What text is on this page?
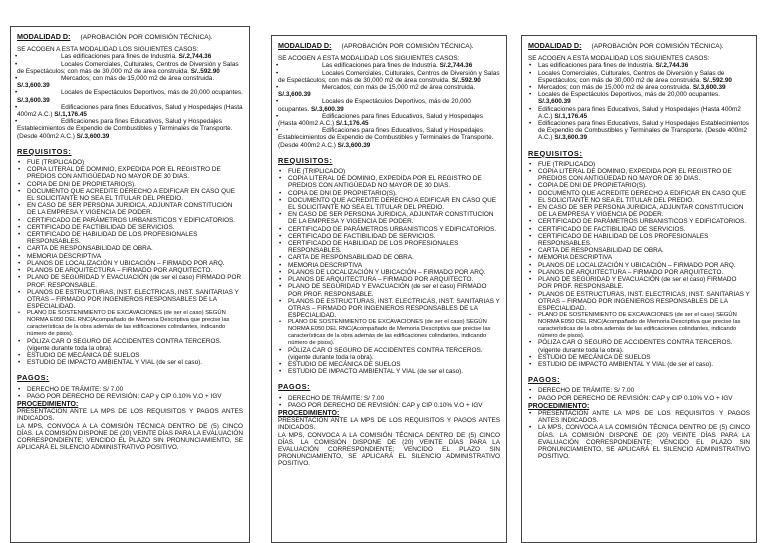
MODALIDAD D: (APROBACIÓN POR COMISIÓN TÉCNICA).

SE ACOGEN A ESTA MODALIDAD LOS SIGUIENTES CASOS:

• Las edificaciones para fines de Industria. S/.2,744.36
• Locales Comerciales, Culturales, Centros de Diversión y Salas de Espectáculos; con más de 30,000 m2 de área construida. S/..592.90
• Mercados; con más de 15,000 m2 de área construida. S/.3,600.39
• Locales de Espectáculos Deportivos, más de 20,000 ocupantes. S/.3,600.39
• Edificaciones para fines Educativos, Salud y Hospedajes (Hasta 400m2 A.C.) S/.1,176.45
• Edificaciones para fines Educativos, Salud y Hospedajes Establecimientos de Expendio de Combustibles y Terminales de Transporte. (Desde 400m2 A.C.) S/.3,600.39
REQUISITOS:
• FUE (TRIPLICADO)
• COPIA LITERAL DE DOMINIO, EXPEDIDA POR EL REGISTRO DE PREDIOS CON ANTIGÜEDAD NO MAYOR DE 30 DIAS.
• COPIA DE DNI DE PROPIETARIO(S).
• DOCUMENTO QUE ACREDITE DERECHO A EDIFICAR EN CASO QUE EL SOLICITANTE NO SEA EL TITULAR DEL PREDIO.
• EN CASO DE SER PERSONA JURIDICA, ADJUNTAR CONSTITUCION DE LA EMPRESA Y VIGENCIA DE PODER.
• CERTIFICADO DE PARÁMETROS URBANISTICOS Y EDIFICATORIOS.
• CERTIFICADO DE FACTIBILIDAD DE SERVICIOS.
• CERTIFICADO DE HABILIDAD DE LOS PROFESIONALES RESPONSABLES.
• CARTA DE RESPONSABILIDAD DE OBRA.
• MEMORIA DESCRIPTIVA
• PLANOS DE LOCALIZACIÓN Y UBICACIÓN – FIRMADO POR ARQ.
• PLANOS DE ARQUITECTURA – FIRMADO POR ARQUITECTO.
• PLANO DE SEGURIDAD Y EVACUACIÓN (de ser el caso) FIRMADO POR PROF. RESPONSABLE.
• PLANOS DE ESTRUCTURAS, INST. ELECTRICAS, INST. SANITARIAS Y OTRAS – FIRMADO POR INGENIEROS RESPONSABLES DE LA ESPECIALIDAD.
• PLANO DE SOSTENIMIENTO DE EXCAVACIONES (de ser el caso) SEGÚN NORMA E050 DEL RNC(Acompañado de Memoria Descriptiva que precise las características de la obra además de las edificaciones colindantes, indicando número de pisos).
• PÓLIZA CAR O SEGURO DE ACCIDENTES CONTRA TERCEROS. (vigente durante toda la obra).
• ESTUDIO DE MECÁNICA DE SUELOS
• ESTUDIO DE IMPACTO AMBIENTAL Y VIAL (de ser el caso).
PAGOS:
• DERECHO DE TRÁMITE: S/ 7.00
• PAGO POR DERECHO DE REVISIÓN: CAP y CIP 0.10% V.O + IGV
PROCEDIMIENTO:

PRESENTACIÓN ANTE LA MPS DE LOS REQUISITOS Y PAGOS ANTES INDICADOS.

LA MPS, CONVOCA A LA COMISIÓN TÉCNICA DENTRO DE (5) CINCO DÍAS. LA COMISIÓN DISPONE DE (20) VEINTE DÍAS PARA LA EVALUACIÓN CORRESPONDIENTE; VENCIDO EL PLAZO SIN PRONUNCIAMIENTO, SE APLICARÁ EL SILENCIO ADMINISTRATIVO POSITIVO.

MODALIDAD D: (APROBACIÓN POR COMISIÓN TÉCNICA).

SE ACOGEN A ESTA MODALIDAD LOS SIGUIENTES CASOS:

• Las edificaciones para fines de Industria. S/.2,744.36
• Locales Comerciales, Culturales, Centros de Diversión y Salas de Espectáculos; con más de 30,000 m2 de área construida. S/..592.90
• Mercados; con más de 15,000 m2 de área construida. S/.3,600.39
• Locales de Espectáculos Deportivos, más de 20,000 ocupantes. S/.3,600.39
• Edificaciones para fines Educativos, Salud y Hospedajes (Hasta 400m2 A.C.) S/.1,176.45
• Edificaciones para fines Educativos, Salud y Hospedajes Establecimientos de Expendio de Combustibles y Terminales de Transporte. (Desde 400m2 A.C.) S/.3,600.39
REQUISITOS:
• FUE (TRIPLICADO)
• COPIA LITERAL DE DOMINIO, EXPEDIDA POR EL REGISTRO DE PREDIOS CON ANTIGÜEDAD NO MAYOR DE 30 DIAS.
• COPIA DE DNI DE PROPIETARIO(S).
• DOCUMENTO QUE ACREDITE DERECHO A EDIFICAR EN CASO QUE EL SOLICITANTE NO SEA EL TITULAR DEL PREDIO.
• EN CASO DE SER PERSONA JURIDICA, ADJUNTAR CONSTITUCION DE LA EMPRESA Y VIGENCIA DE PODER.
• CERTIFICADO DE PARÁMETROS URBANISTICOS Y EDIFICATORIOS.
• CERTIFICADO DE FACTIBILIDAD DE SERVICIOS.
• CERTIFICADO DE HABILIDAD DE LOS PROFESIONALES RESPONSABLES.
• CARTA DE RESPONSABILIDAD DE OBRA.
• MEMORIA DESCRIPTIVA
• PLANOS DE LOCALIZACIÓN Y UBICACIÓN – FIRMADO POR ARQ.
• PLANOS DE ARQUITECTURA – FIRMADO POR ARQUITECTO.
• PLANO DE SEGURIDAD Y EVACUACIÓN (de ser el caso) FIRMADO POR PROF. RESPONSABLE.
• PLANOS DE ESTRUCTURAS, INST. ELECTRICAS, INST. SANITARIAS Y OTRAS – FIRMADO POR INGENIEROS RESPONSABLES DE LA ESPECIALIDAD.
• PLANO DE SOSTENIMIENTO DE EXCAVACIONES (de ser el caso) SEGÚN NORMA E050 DEL RNC(Acompañado de Memoria Descriptiva que precise las características de la obra además de las edificaciones colindantes, indicando número de pisos).
• PÓLIZA CAR O SEGURO DE ACCIDENTES CONTRA TERCEROS. (vigente durante toda la obra).
• ESTUDIO DE MECÁNICA DE SUELOS
• ESTUDIO DE IMPACTO AMBIENTAL Y VIAL (de ser el caso).
PAGOS:
• DERECHO DE TRÁMITE: S/ 7.00
• PAGO POR DERECHO DE REVISIÓN: CAP y CIP 0.10% V.O + IGV
PROCEDIMIENTO:

PRESENTACIÓN ANTE LA MPS DE LOS REQUISITOS Y PAGOS ANTES INDICADOS.

LA MPS, CONVOCA A LA COMISIÓN TÉCNICA DENTRO DE (5) CINCO DÍAS. LA COMISIÓN DISPONE DE (20) VEINTE DÍAS PARA LA EVALUACIÓN CORRESPONDIENTE; VENCIDO EL PLAZO SIN PRONUNCIAMIENTO, SE APLICARÁ EL SILENCIO ADMINISTRATIVO POSITIVO.

MODALIDAD D: (APROBACIÓN POR COMISIÓN TÉCNICA).

SE ACOGEN A ESTA MODALIDAD LOS SIGUIENTES CASOS:

• Las edificaciones para fines de Industria. S/.2,744.36
• Locales Comerciales, Culturales, Centros de Diversión y Salas de Espectáculos; con más de 30,000 m2 de área construida. S/..592.90
• Mercados; con más de 15,000 m2 de área construida. S/.3,600.39
• Locales de Espectáculos Deportivos, más de 20,000 ocupantes. S/.3,600.39
• Edificaciones para fines Educativos, Salud y Hospedajes (Hasta 400m2 A.C.) S/.1,176.45
• Edificaciones para fines Educativos, Salud y Hospedajes Establecimientos de Expendio de Combustibles y Terminales de Transporte. (Desde 400m2 A.C.) S/.3,600.39
REQUISITOS:
• FUE (TRIPLICADO)
• COPIA LITERAL DE DOMINIO, EXPEDIDA POR EL REGISTRO DE PREDIOS CON ANTIGÜEDAD NO MAYOR DE 30 DIAS.
• COPIA DE DNI DE PROPIETARIO(S).
• DOCUMENTO QUE ACREDITE DERECHO A EDIFICAR EN CASO QUE EL SOLICITANTE NO SEA EL TITULAR DEL PREDIO.
• EN CASO DE SER PERSONA JURIDICA, ADJUNTAR CONSTITUCION DE LA EMPRESA Y VIGENCIA DE PODER.
• CERTIFICADO DE PARÁMETROS URBANISTICOS Y EDIFICATORIOS.
• CERTIFICADO DE FACTIBILIDAD DE SERVICIOS.
• CERTIFICADO DE HABILIDAD DE LOS PROFESIONALES RESPONSABLES.
• CARTA DE RESPONSABILIDAD DE OBRA.
• MEMORIA DESCRIPTIVA
• PLANOS DE LOCALIZACIÓN Y UBICACIÓN – FIRMADO POR ARQ.
• PLANOS DE ARQUITECTURA – FIRMADO POR ARQUITECTO.
• PLANO DE SEGURIDAD Y EVACUACIÓN (de ser el caso) FIRMADO POR PROF. RESPONSABLE.
• PLANOS DE ESTRUCTURAS, INST. ELECTRICAS, INST. SANITARIAS Y OTRAS – FIRMADO POR INGENIEROS RESPONSABLES DE LA ESPECIALIDAD.
• PLANO DE SOSTENIMIENTO DE EXCAVACIONES (de ser el caso) SEGÚN NORMA E050 DEL RNC(Acompañado de Memoria Descriptiva que precise las características de la obra además de las edificaciones colindantes, indicando número de pisos).
• PÓLIZA CAR O SEGURO DE ACCIDENTES CONTRA TERCEROS. (vigente durante toda la obra).
• ESTUDIO DE MECÁNICA DE SUELOS
• ESTUDIO DE IMPACTO AMBIENTAL Y VIAL (de ser el caso).
PAGOS:
• DERECHO DE TRÁMITE: S/ 7.00
• PAGO POR DERECHO DE REVISIÓN: CAP y CIP 0.10% V.O + IGV
PROCEDIMIENTO:
• PRESENTACIÓN ANTE LA MPS DE LOS REQUISITOS Y PAGOS ANTES INDICADOS.
• LA MPS, CONVOCA A LA COMISIÓN TÉCNICA DENTRO DE (5) CINCO DÍAS. LA COMISIÓN DISPONE DE (20) VEINTE DÍAS PARA LA EVALUACIÓN CORRESPONDIENTE; VENCIDO EL PLAZO SIN PRONUNCIAMIENTO, SE APLICARÁ EL SILENCIO ADMINISTRATIVO POSITIVO.
